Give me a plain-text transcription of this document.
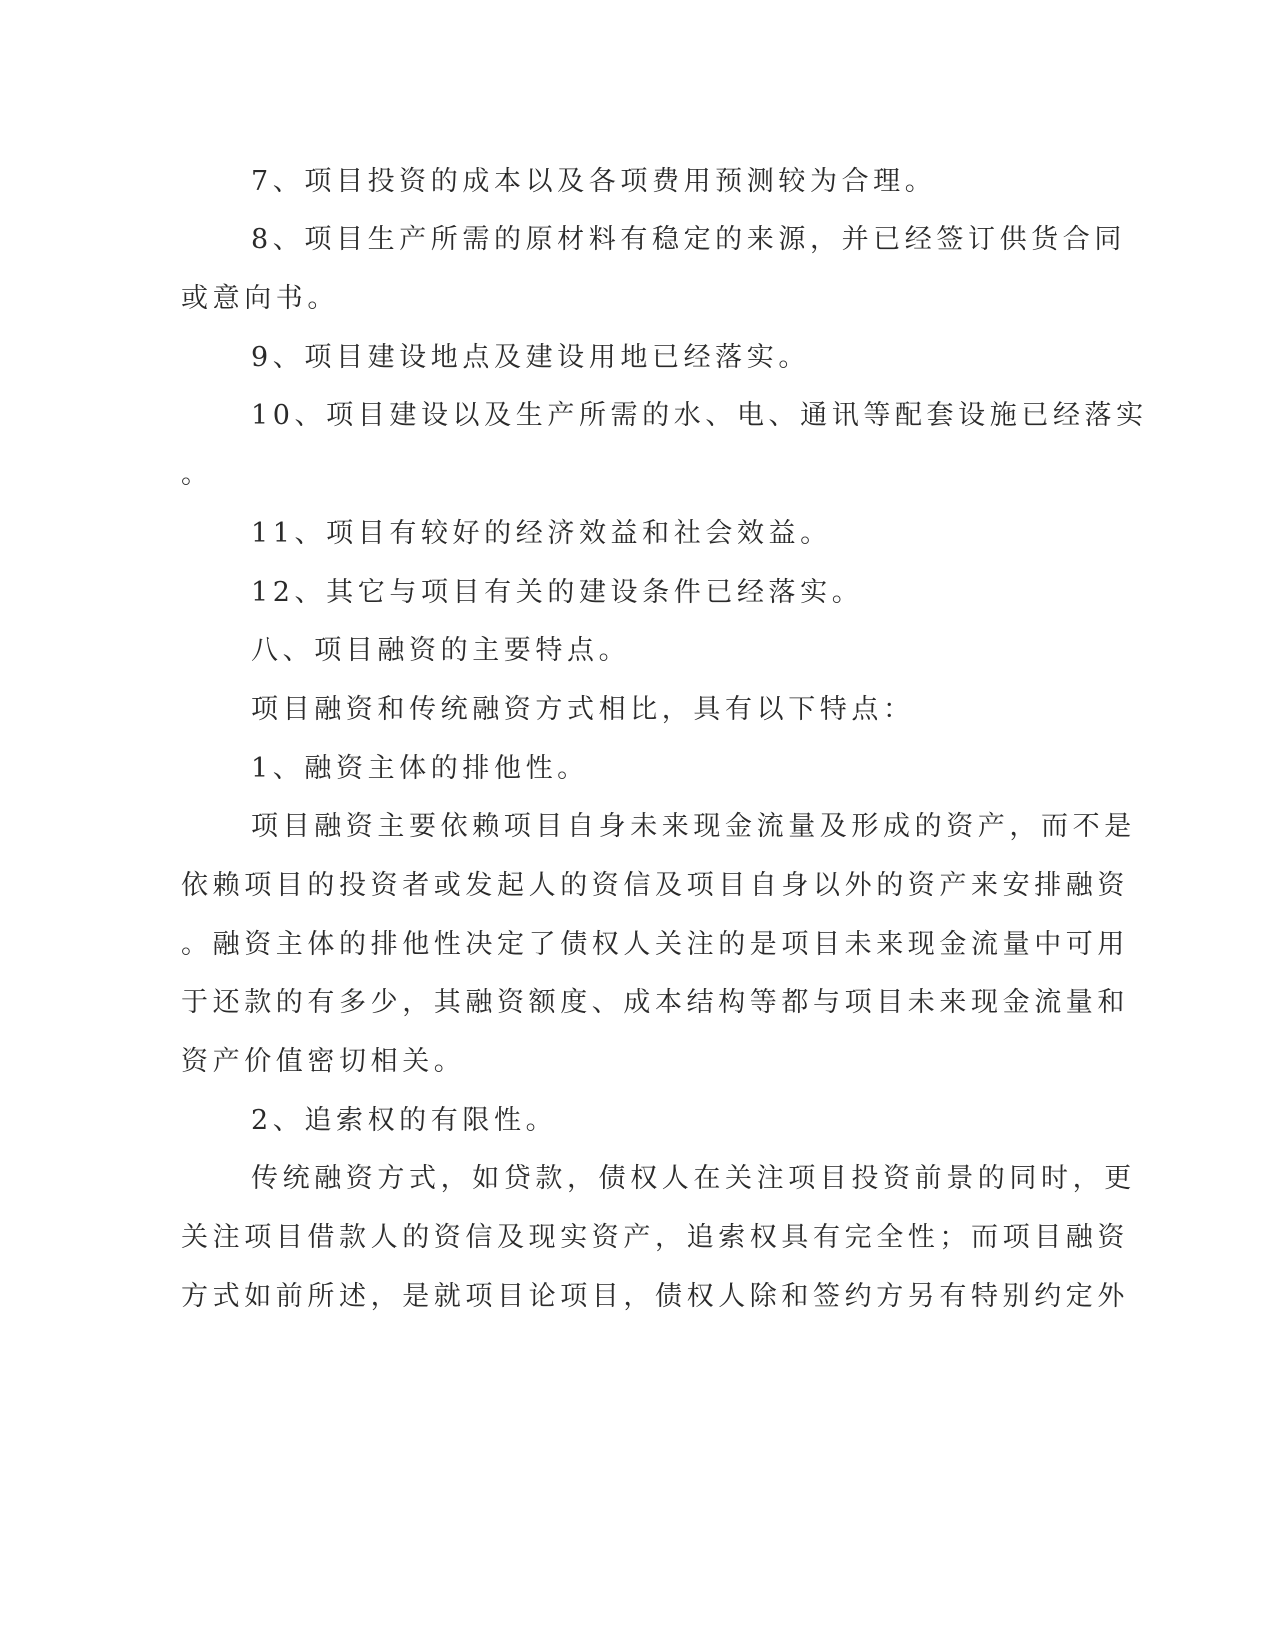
7、项目投资的成本以及各项费用预测较为合理。
8、项目生产所需的原材料有稳定的来源，并已经签订供货合同
或意向书。
9、项目建设地点及建设用地已经落实。
10、项目建设以及生产所需的水、电、通讯等配套设施已经落实
。
11、项目有较好的经济效益和社会效益。
12、其它与项目有关的建设条件已经落实。
八、项目融资的主要特点。
项目融资和传统融资方式相比，具有以下特点：
1、融资主体的排他性。
项目融资主要依赖项目自身未来现金流量及形成的资产，而不是
依赖项目的投资者或发起人的资信及项目自身以外的资产来安排融资
。融资主体的排他性决定了债权人关注的是项目未来现金流量中可用
于还款的有多少，其融资额度、成本结构等都与项目未来现金流量和
资产价值密切相关。
2、追索权的有限性。
传统融资方式，如贷款，债权人在关注项目投资前景的同时，更
关注项目借款人的资信及现实资产，追索权具有完全性；而项目融资
方式如前所述，是就项目论项目，债权人除和签约方另有特别约定外
